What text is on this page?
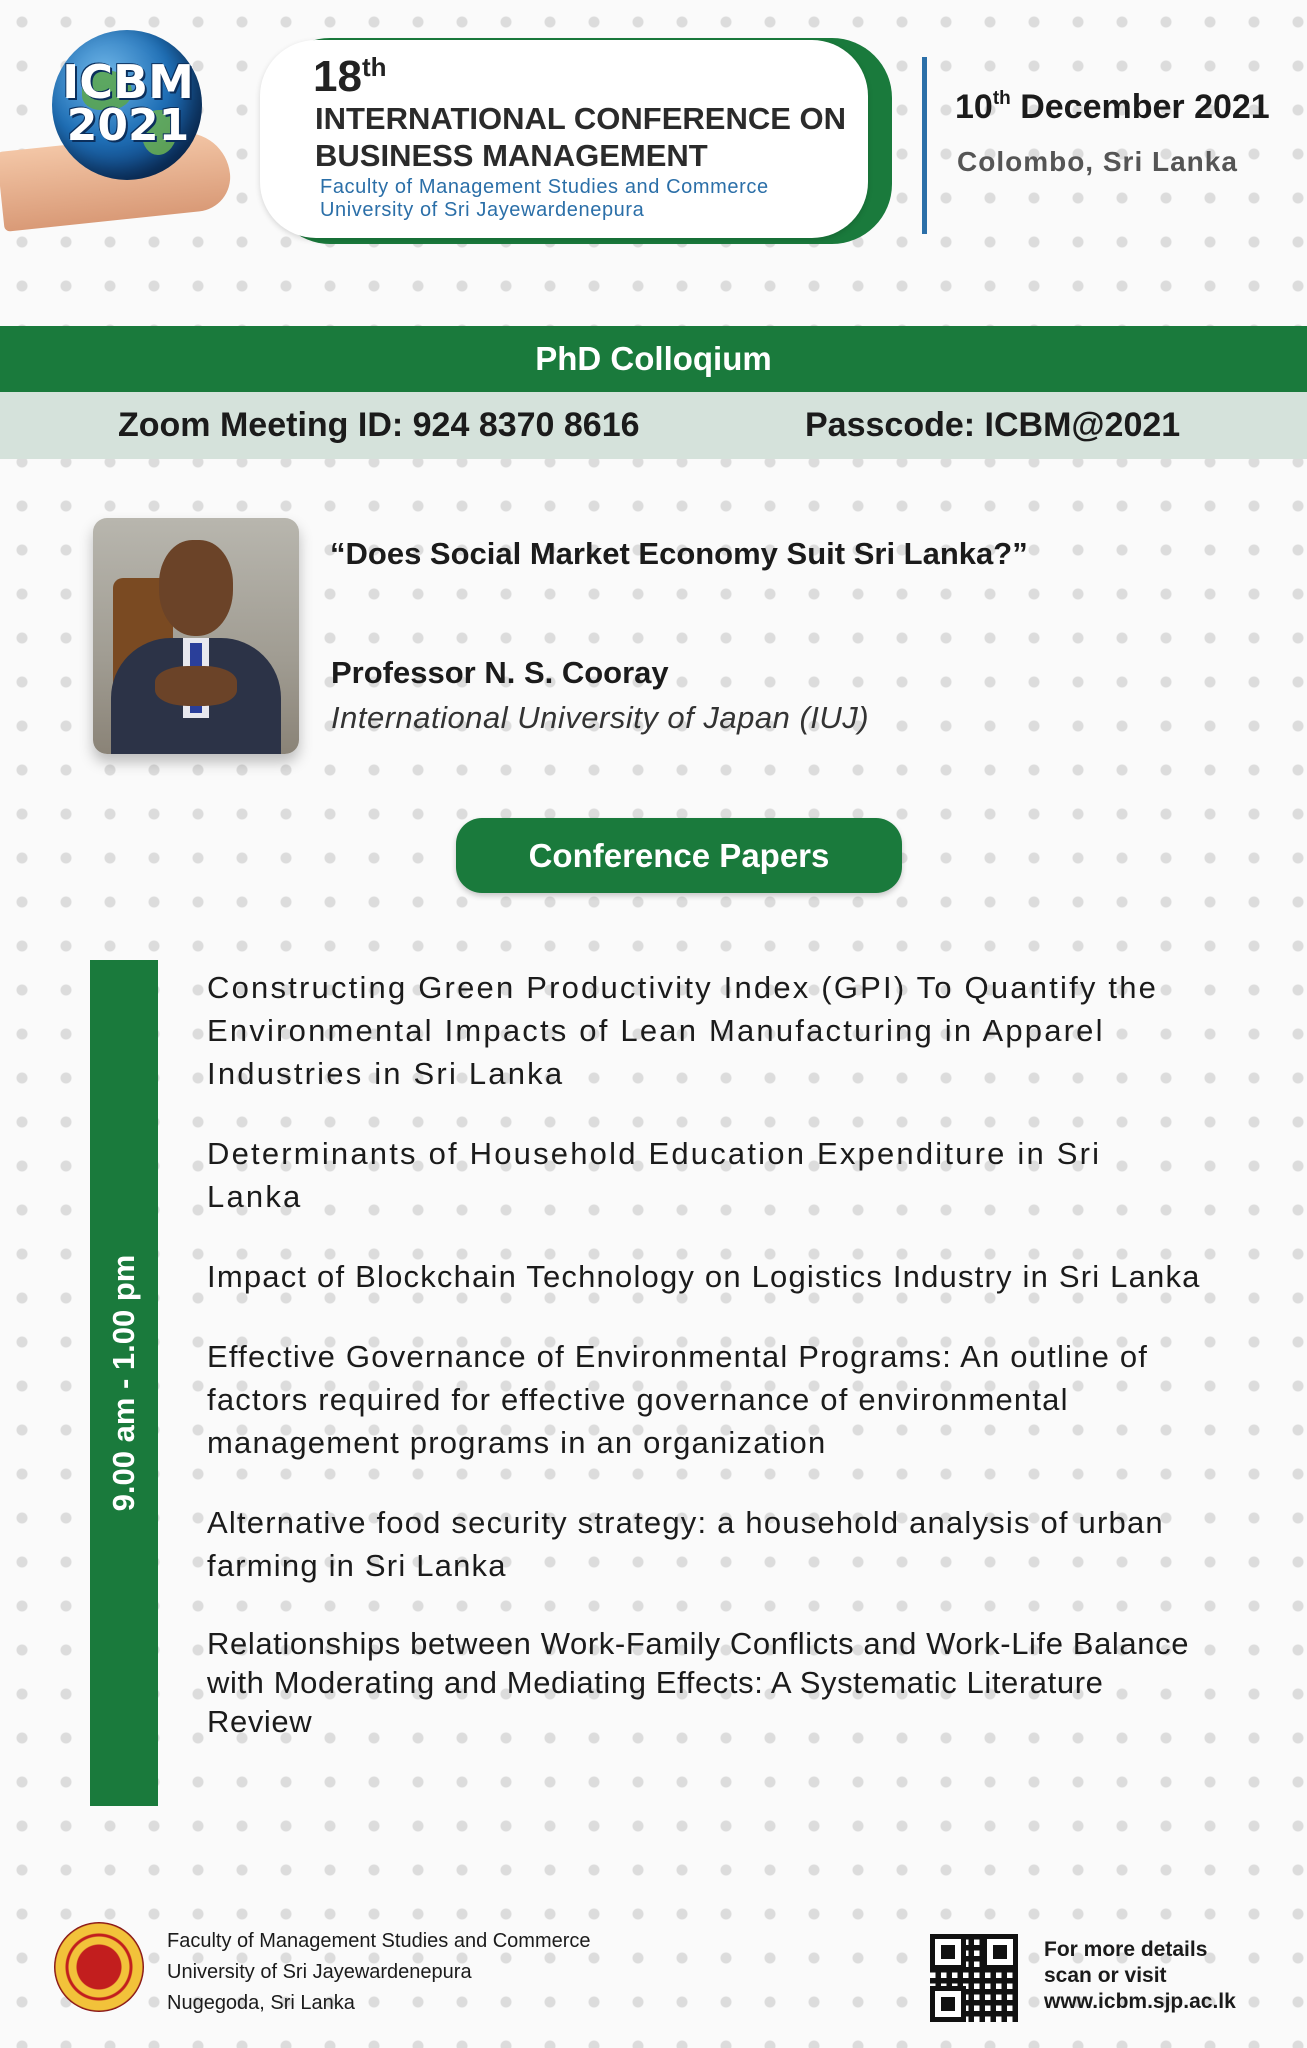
ICBM
2021
18th
INTERNATIONAL CONFERENCE ON
BUSINESS MANAGEMENT
Faculty of Management Studies and Commerce
University of Sri Jayewardenepura
10th December 2021
Colombo, Sri Lanka
PhD Colloqium
Zoom Meeting ID: 924 8370 8616	Passcode: ICBM@2021
“Does Social Market Economy Suit Sri Lanka?”
Professor N. S. Cooray
International University of Japan (IUJ)
Conference Papers
9.00 am - 1.00 pm
Constructing Green Productivity Index (GPI) To Quantify the Environmental Impacts of Lean Manufacturing in Apparel Industries in Sri Lanka
Determinants of Household Education Expenditure in Sri Lanka
Impact of Blockchain Technology on Logistics Industry in Sri Lanka
Effective Governance of Environmental Programs: An outline of factors required for effective governance of environmental management programs in an organization
Alternative food security strategy: a household analysis of urban farming in Sri Lanka
Relationships between Work-Family Conflicts and Work-Life Balance with Moderating and Mediating Effects: A Systematic Literature Review
Faculty of Management Studies and Commerce
University of Sri Jayewardenepura
Nugegoda, Sri Lanka
For more details
scan or visit
www.icbm.sjp.ac.lk
